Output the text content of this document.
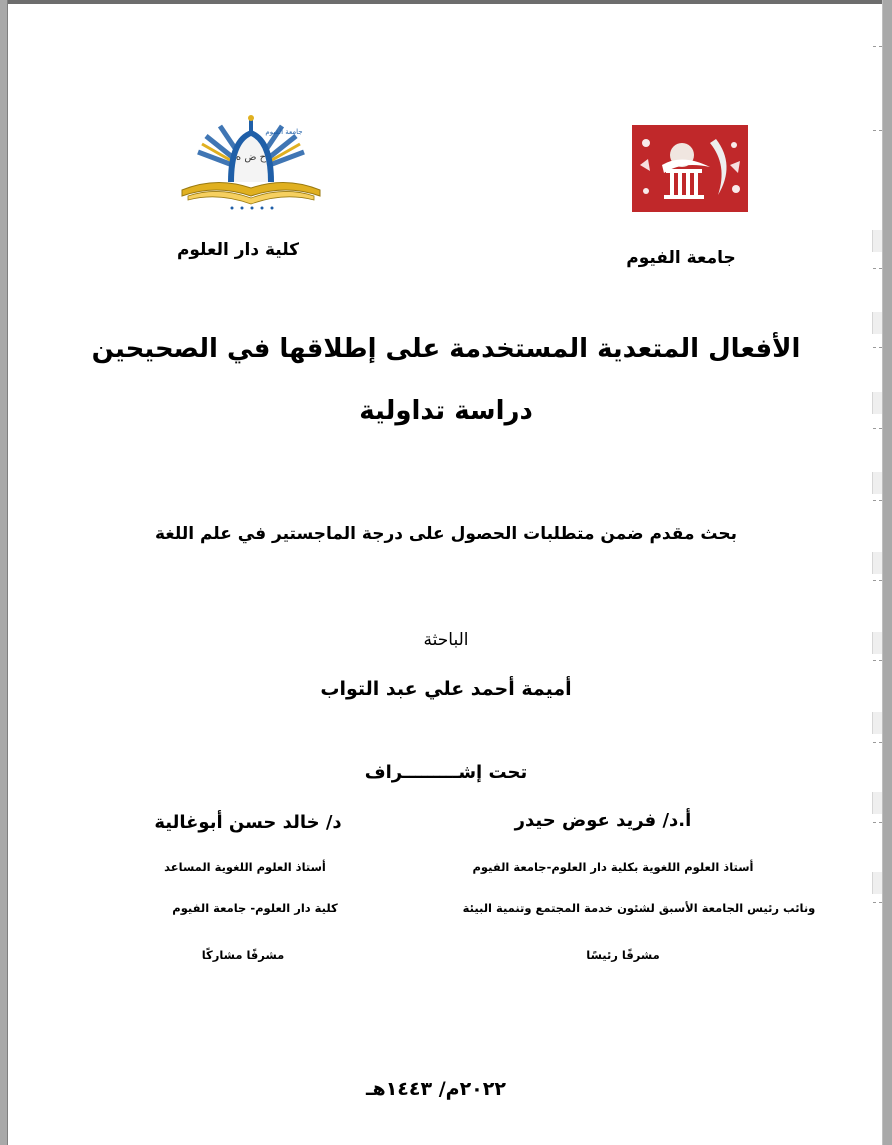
ح ض ه
جامعة الفيوم
كلية دار العلوم	جامعة الفيوم
الأفعال المتعدية المستخدمة على إطلاقها في الصحيحين
دراسة تداولية
بحث مقدم ضمن متطلبات الحصول على درجة الماجستير في علم اللغة
الباحثة
أميمة أحمد علي عبد التواب
تحت إشـــــــــراف
أ.د/ فريد عوض حيدر
أستاذ العلوم اللغوية بكلية دار العلوم-جامعة الفيوم
ونائب رئيس الجامعة الأسبق لشئون خدمة المجتمع وتنمية البيئة
مشرفًا رئيسًا
د/ خالد حسن أبوغالية
أستاذ العلوم اللغوية المساعد
كلية دار العلوم- جامعة الفيوم
مشرفًا مشاركًا
٢٠٢٢م/ ١٤٤٣هـ
